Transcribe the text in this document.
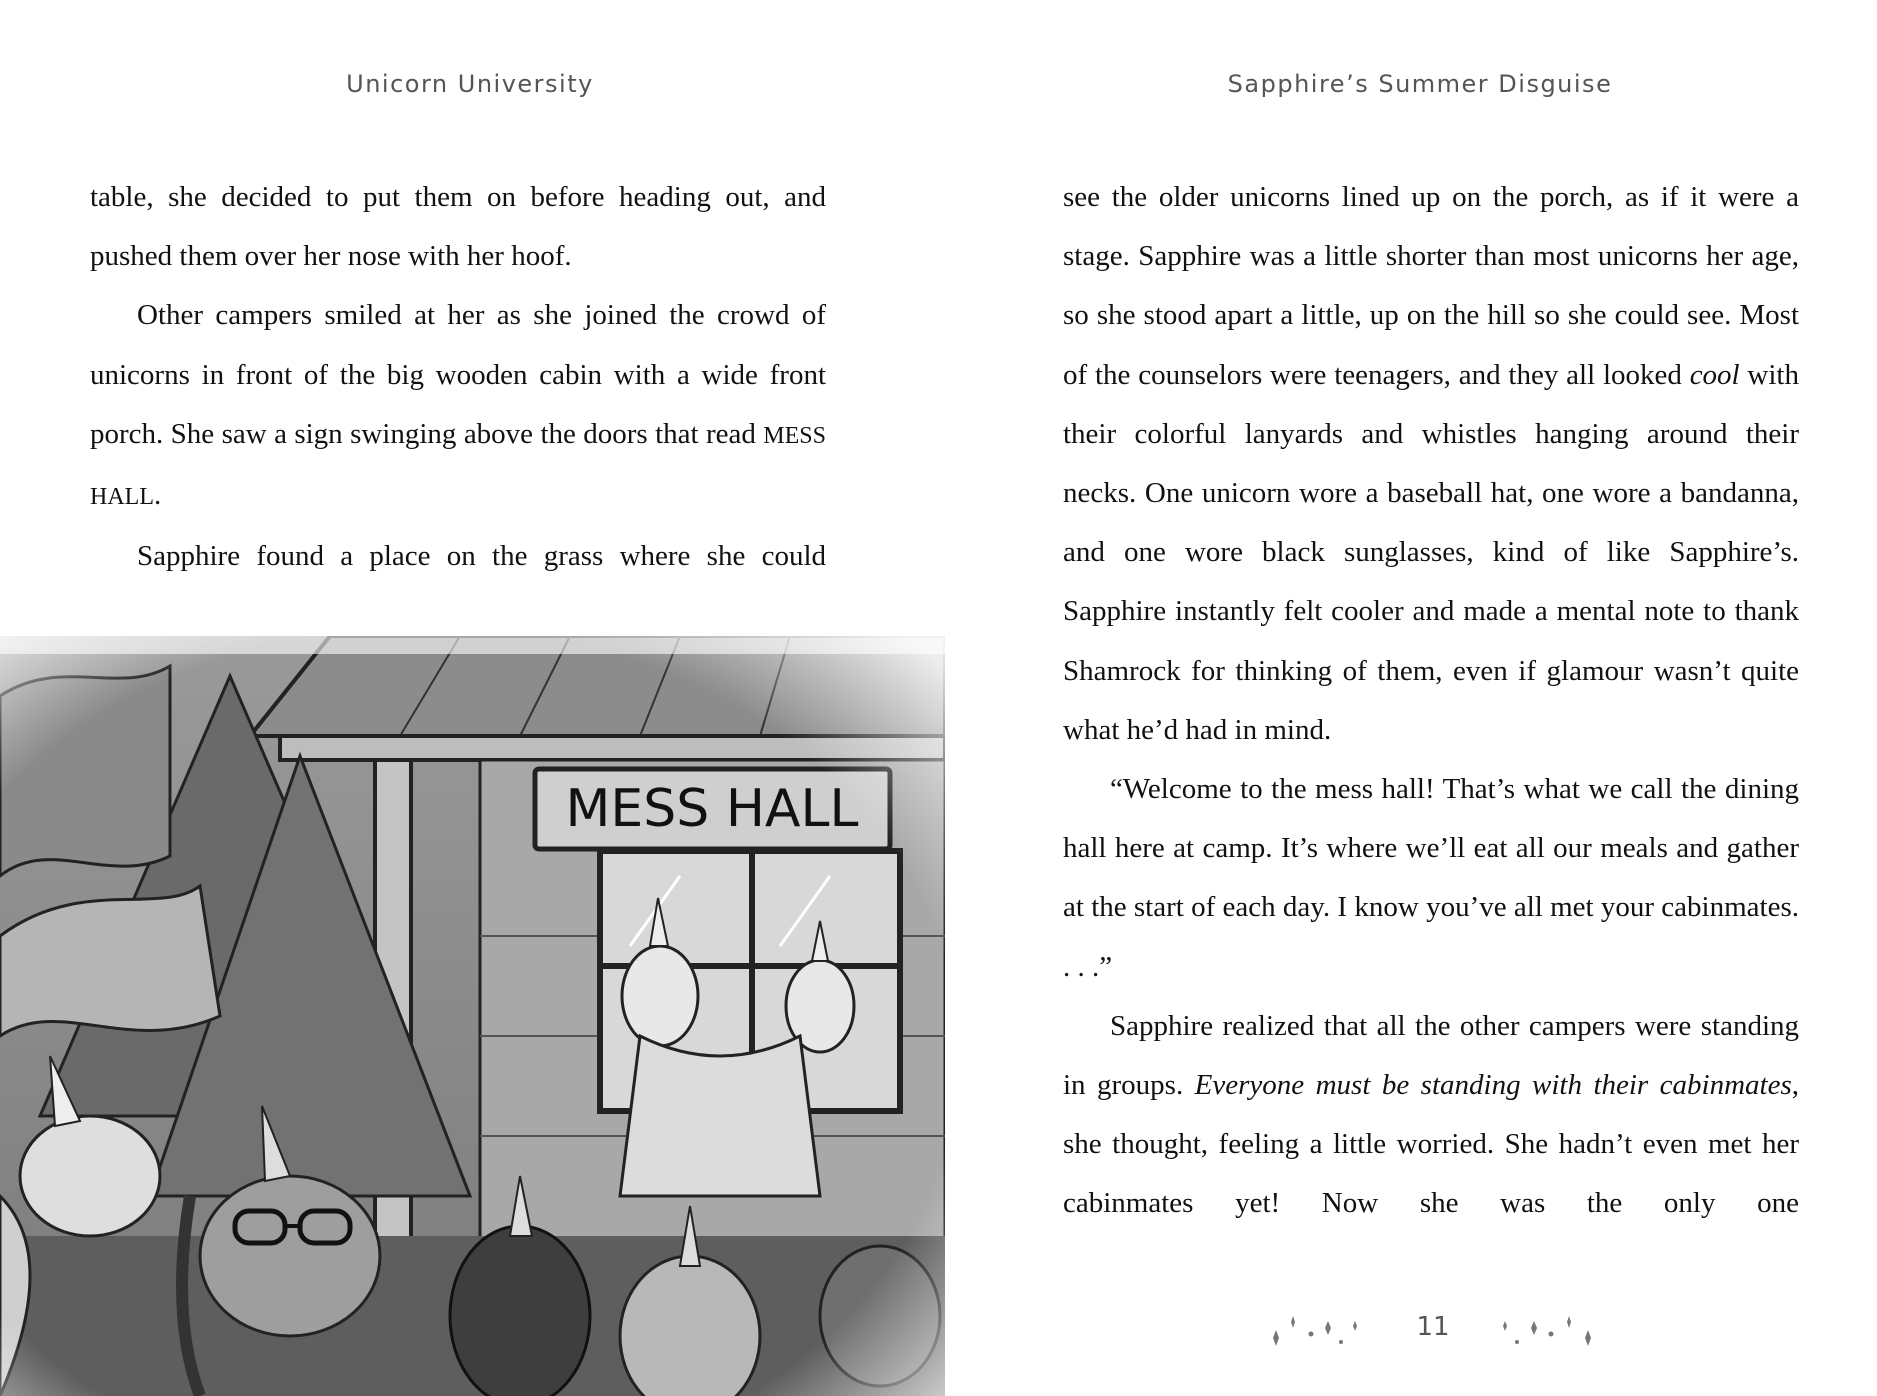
Unicorn University	Sapphire’s Summer Disguise

table, she decided to put them on before heading out, and pushed them over her nose with her hoof.

Other campers smiled at her as she joined the crowd of unicorns in front of the big wooden cabin with a wide front porch. She saw a sign swinging above the doors that read MESS HALL.

Sapphire found a place on the grass where she could

see the older unicorns lined up on the porch, as if it were a stage. Sapphire was a little shorter than most unicorns her age, so she stood apart a little, up on the hill so she could see. Most of the counselors were teenagers, and they all looked cool with their colorful lanyards and whistles hanging around their necks. One unicorn wore a baseball hat, one wore a bandanna, and one wore black sunglasses, kind of like Sapphire’s. Sapphire instantly felt cooler and made a mental note to thank Shamrock for thinking of them, even if glamour wasn’t quite what he’d had in mind.

“Welcome to the mess hall! That’s what we call the dining hall here at camp. It’s where we’ll eat all our meals and gather at the start of each day. I know you’ve all met your cabinmates. . . .”

Sapphire realized that all the other campers were standing in groups. Everyone must be standing with their cabinmates, she thought, feeling a little worried. She hadn’t even met her cabinmates yet! Now she was the only one

11
